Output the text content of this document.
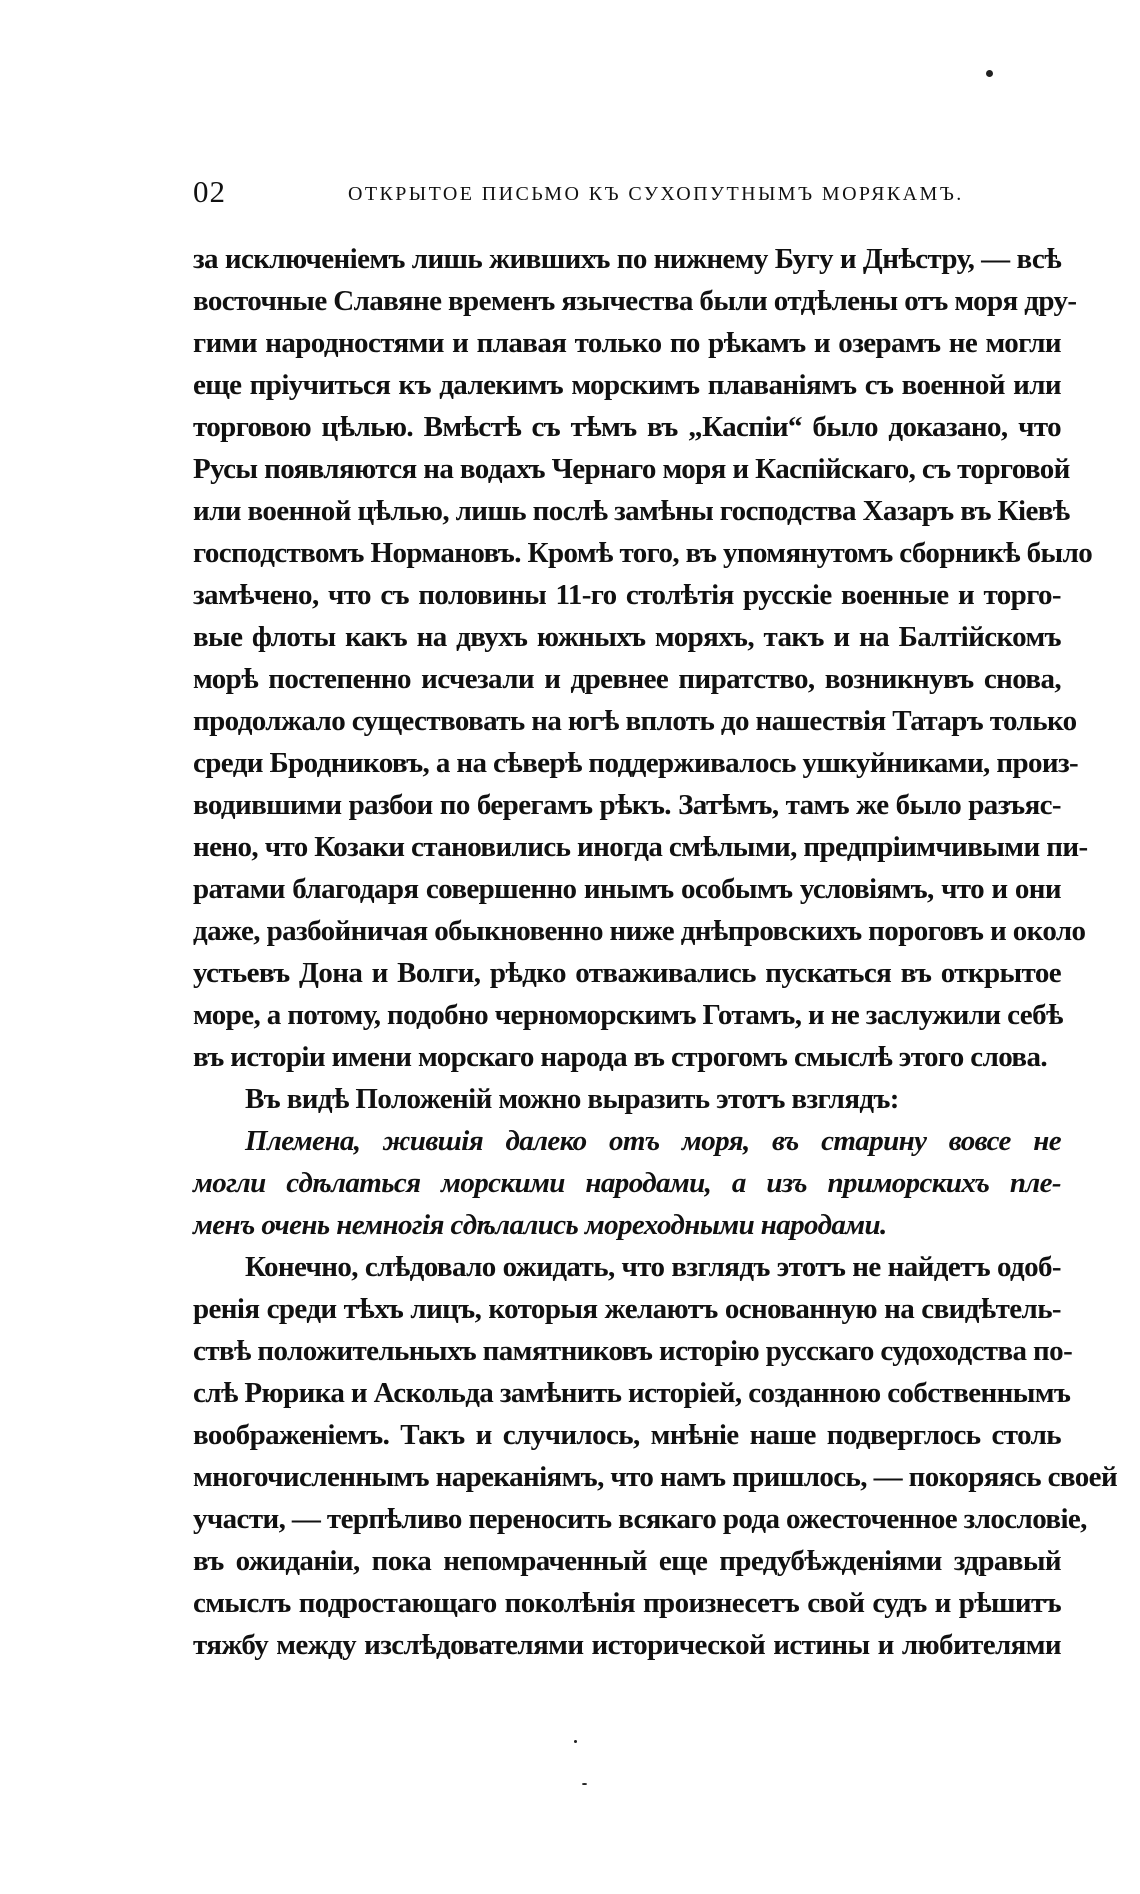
02	ОТКРЫТОЕ ПИСЬМО КЪ СУХОПУТНЫМЪ МОРЯКАМЪ.
за исключеніемъ лишь жившихъ по нижнему Бугу и Днѣстру, — всѣ
восточные Славяне временъ язычества были отдѣлены отъ моря дру-
гими народностями и плавая только по рѣкамъ и озерамъ не могли
еще пріучиться къ далекимъ морскимъ плаваніямъ съ военной или
торговою цѣлью. Вмѣстѣ съ тѣмъ въ „Каспіи“ было доказано, что
Русы появляются на водахъ Чернаго моря и Каспійскаго, съ торговой
или военной цѣлью, лишь послѣ замѣны господства Хазаръ въ Кіевѣ
господствомъ Нормановъ. Кромѣ того, въ упомянутомъ сборникѣ было
замѣчено, что съ половины 11-го столѣтія русскіе военные и торго-
вые флоты какъ на двухъ южныхъ моряхъ, такъ и на Балтійскомъ
морѣ постепенно исчезали и древнее пиратство, возникнувъ снова,
продолжало существовать на югѣ вплоть до нашествія Татаръ только
среди Бродниковъ, а на сѣверѣ поддерживалось ушкуйниками, произ-
водившими разбои по берегамъ рѣкъ. Затѣмъ, тамъ же было разъяс-
нено, что Козаки становились иногда смѣлыми, предпріимчивыми пи-
ратами благодаря совершенно инымъ особымъ условіямъ, что и они
даже, разбойничая обыкновенно ниже днѣпровскихъ пороговъ и около
устьевъ Дона и Волги, рѣдко отваживались пускаться въ открытое
море, а потому, подобно черноморскимъ Готамъ, и не заслужили себѣ
въ исторіи имени морскаго народа въ строгомъ смыслѣ этого слова.
Въ видѣ Положеній можно выразить этотъ взглядъ:
Племена, жившія далеко отъ моря, въ старину вовсе не
могли сдѣлаться морскими народами, а изъ приморскихъ пле-
менъ очень немногія сдѣлались мореходными народами.
Конечно, слѣдовало ожидать, что взглядъ этотъ не найдетъ одоб-
ренія среди тѣхъ лицъ, которыя желаютъ основанную на свидѣтель-
ствѣ положительныхъ памятниковъ исторію русскаго судоходства по-
слѣ Рюрика и Аскольда замѣнить исторіей, созданною собственнымъ
воображеніемъ. Такъ и случилось, мнѣніе наше подверглось столь
многочисленнымъ нареканіямъ, что намъ пришлось, — покоряясь своей
участи, — терпѣливо переносить всякаго рода ожесточенное злословіе,
въ ожиданіи, пока непомраченный еще предубѣжденіями здравый
смыслъ подростающаго поколѣнія произнесетъ свой судъ и рѣшитъ
тяжбу между изслѣдователями исторической истины и любителями
